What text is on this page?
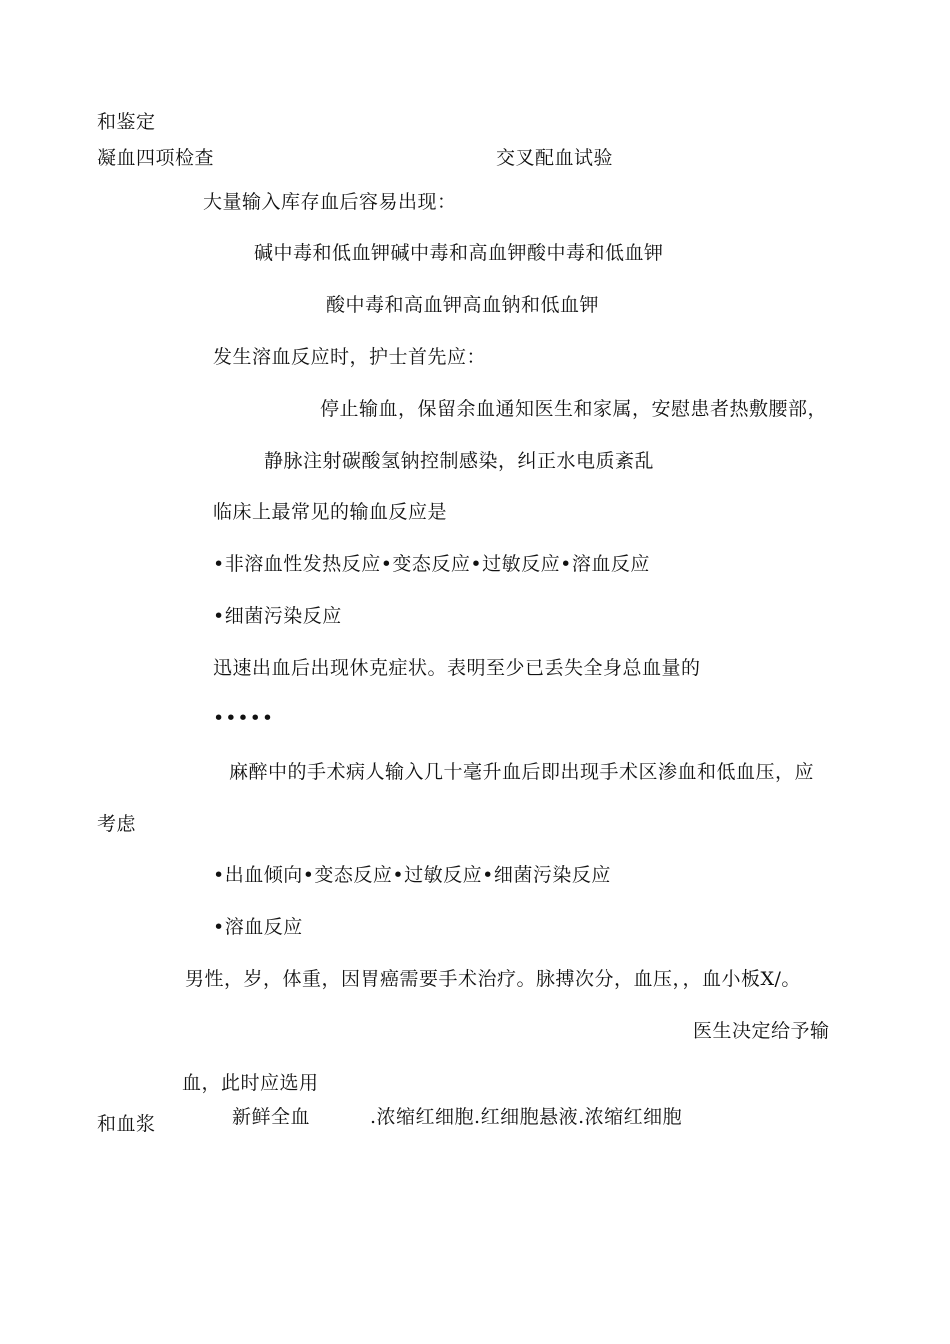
和鉴定
凝血四项检查	交叉配血试验
大量输入库存血后容易出现：
碱中毒和低血钾碱中毒和高血钾酸中毒和低血钾
酸中毒和高血钾高血钠和低血钾
发生溶血反应时，护士首先应：
停止输血，保留余血通知医生和家属，安慰患者热敷腰部，
静脉注射碳酸氢钠控制感染，纠正水电质紊乱
临床上最常见的输血反应是
•非溶血性发热反应•变态反应•过敏反应•溶血反应
•细菌污染反应
迅速出血后出现休克症状。表明至少已丢失全身总血量的
•••••
麻醉中的手术病人输入几十毫升血后即出现手术区渗血和低血压，应
考虑
•出血倾向•变态反应•过敏反应•细菌污染反应
•溶血反应
男性，岁，体重，因胃癌需要手术治疗。脉搏次分，血压，，血小板X/。
医生决定给予输
血，此时应选用
和血浆	新鲜全血	.浓缩红细胞.红细胞悬液.浓缩红细胞
